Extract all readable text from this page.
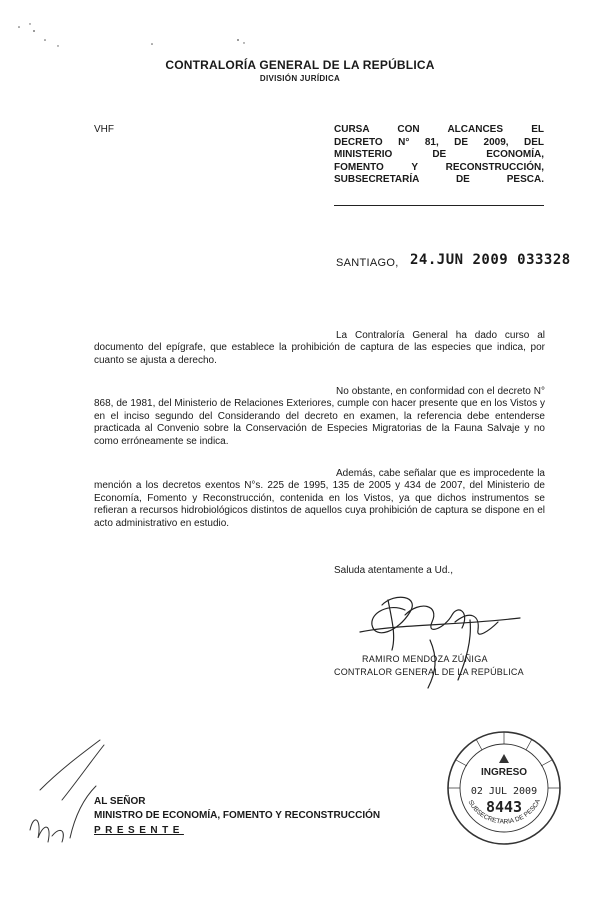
CONTRALORÍA GENERAL DE LA REPÚBLICA
DIVISIÓN JURÍDICA
VHF	CURSA CON ALCANCES EL
DECRETO N° 81, DE 2009, DEL
MINISTERIO DE ECONOMÍA,
FOMENTO Y RECONSTRUCCIÓN,
SUBSECRETARÍA DE PESCA.
SANTIAGO, 24.JUN 2009 033328
La Contraloría General ha dado curso al documento del epígrafe, que establece la prohibición de captura de las especies que indica, por cuanto se ajusta a derecho.
No obstante, en conformidad con el decreto N° 868, de 1981, del Ministerio de Relaciones Exteriores, cumple con hacer presente que en los Vistos y en el inciso segundo del Considerando del decreto en examen, la referencia debe entenderse practicada al Convenio sobre la Conservación de Especies Migratorias de la Fauna Salvaje y no como erróneamente se indica.
Además, cabe señalar que es improcedente la mención a los decretos exentos N°s. 225 de 1995, 135 de 2005 y 434 de 2007, del Ministerio de Economía, Fomento y Reconstrucción, contenida en los Vistos, ya que dichos instrumentos se refieran a recursos hidrobiológicos distintos de aquellos cuya prohibición de captura se dispone en el acto administrativo en estudio.
Saluda atentamente a Ud.,
RAMIRO MENDOZA ZÚÑIGA
CONTRALOR GENERAL DE LA REPÚBLICA
AL SEÑOR
MINISTRO DE ECONOMÍA, FOMENTO Y RECONSTRUCCIÓN
PRESENTE
INGRESO
02 JUL 2009
8443
SUBSECRETARIA DE PESCA
